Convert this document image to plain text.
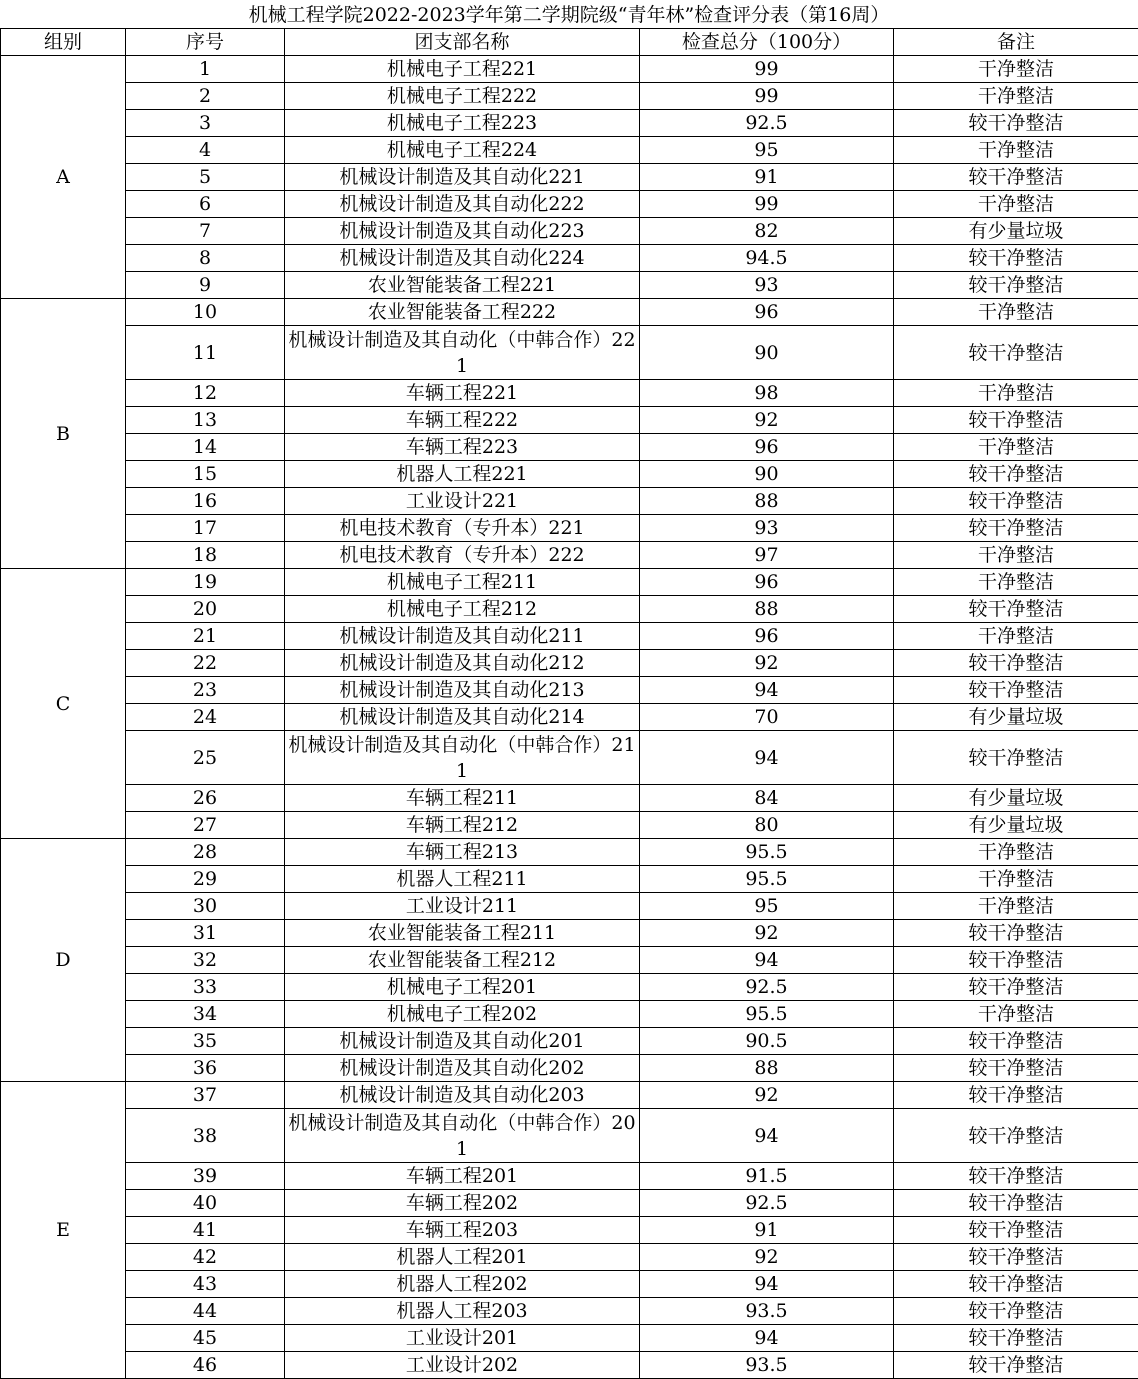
机械工程学院2022-2023学年第二学期院级“青年林”检查评分表（第16周）
组别	序号	团支部名称	检查总分（100分）	备注
A	1	机械电子工程221	99	干净整洁
	2	机械电子工程222	99	干净整洁
	3	机械电子工程223	92.5	较干净整洁
	4	机械电子工程224	95	干净整洁
	5	机械设计制造及其自动化221	91	较干净整洁
	6	机械设计制造及其自动化222	99	干净整洁
	7	机械设计制造及其自动化223	82	有少量垃圾
	8	机械设计制造及其自动化224	94.5	较干净整洁
	9	农业智能装备工程221	93	较干净整洁
B	10	农业智能装备工程222	96	干净整洁
	11	机械设计制造及其自动化（中韩合作）221	90	较干净整洁
	12	车辆工程221	98	干净整洁
	13	车辆工程222	92	较干净整洁
	14	车辆工程223	96	干净整洁
	15	机器人工程221	90	较干净整洁
	16	工业设计221	88	较干净整洁
	17	机电技术教育（专升本）221	93	较干净整洁
	18	机电技术教育（专升本）222	97	干净整洁
C	19	机械电子工程211	96	干净整洁
	20	机械电子工程212	88	较干净整洁
	21	机械设计制造及其自动化211	96	干净整洁
	22	机械设计制造及其自动化212	92	较干净整洁
	23	机械设计制造及其自动化213	94	较干净整洁
	24	机械设计制造及其自动化214	70	有少量垃圾
	25	机械设计制造及其自动化（中韩合作）211	94	较干净整洁
	26	车辆工程211	84	有少量垃圾
	27	车辆工程212	80	有少量垃圾
D	28	车辆工程213	95.5	干净整洁
	29	机器人工程211	95.5	干净整洁
	30	工业设计211	95	干净整洁
	31	农业智能装备工程211	92	较干净整洁
	32	农业智能装备工程212	94	较干净整洁
	33	机械电子工程201	92.5	较干净整洁
	34	机械电子工程202	95.5	干净整洁
	35	机械设计制造及其自动化201	90.5	较干净整洁
	36	机械设计制造及其自动化202	88	较干净整洁
E	37	机械设计制造及其自动化203	92	较干净整洁
	38	机械设计制造及其自动化（中韩合作）201	94	较干净整洁
	39	车辆工程201	91.5	较干净整洁
	40	车辆工程202	92.5	较干净整洁
	41	车辆工程203	91	较干净整洁
	42	机器人工程201	92	较干净整洁
	43	机器人工程202	94	较干净整洁
	44	机器人工程203	93.5	较干净整洁
	45	工业设计201	94	较干净整洁
	46	工业设计202	93.5	较干净整洁
